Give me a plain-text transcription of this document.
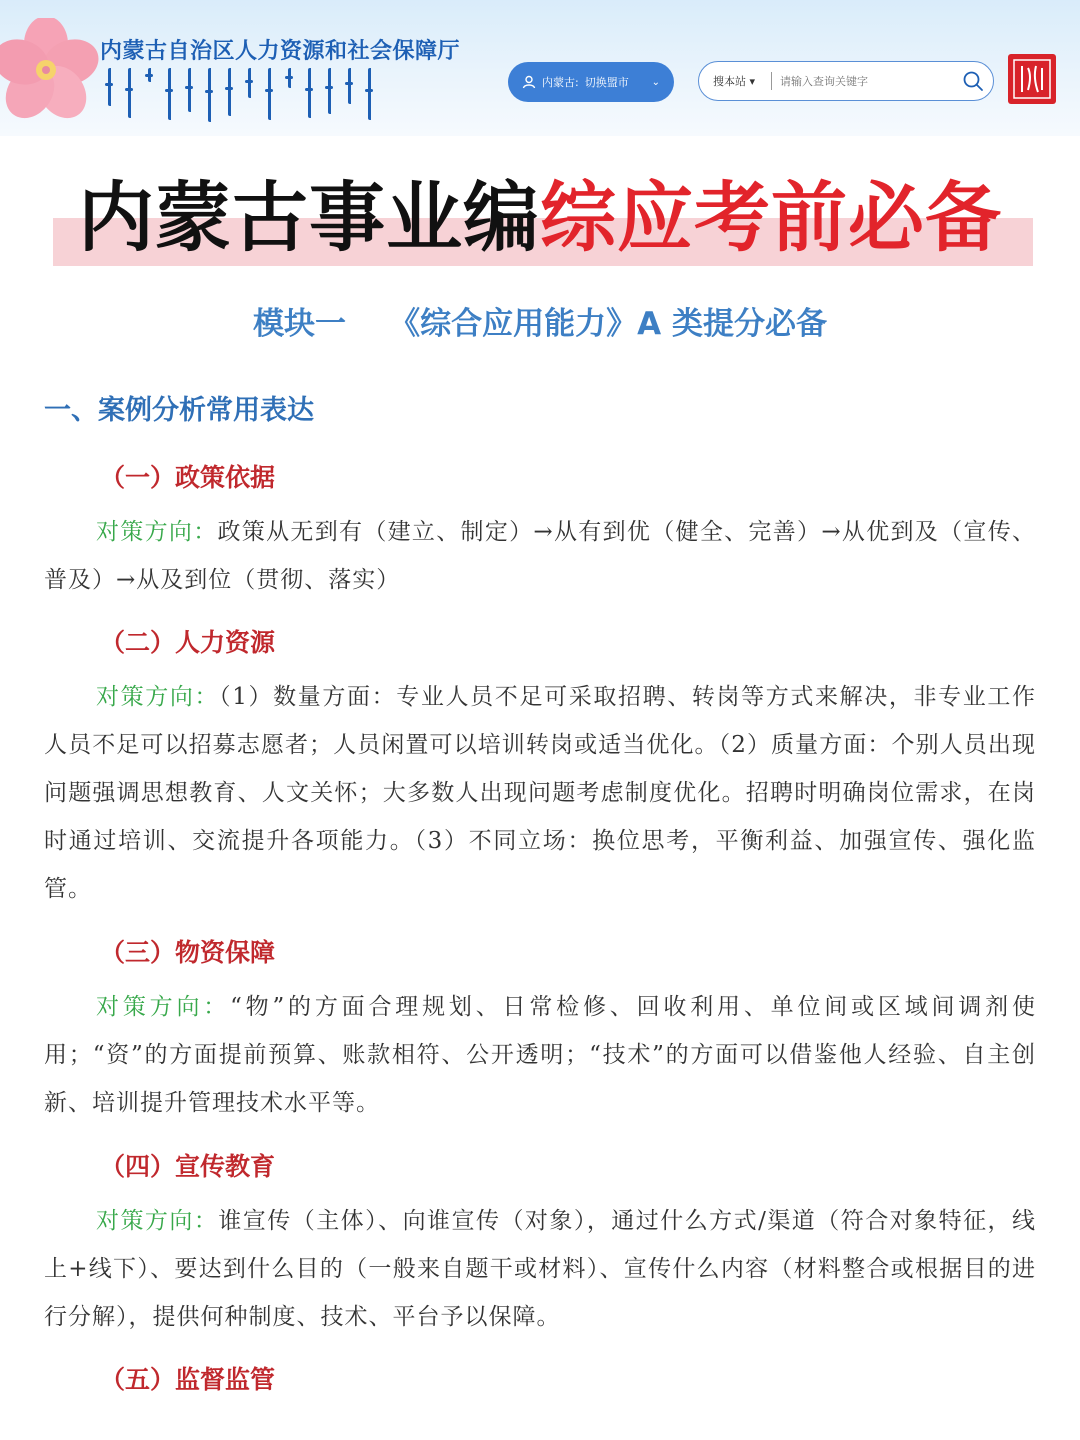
内蒙古自治区人力资源和社会保障厅
内蒙古: 切换盟市 ⌄	搜本站 ▾
请输入查询关键字
内蒙古事业编综应考前必备
模块一    《综合应用能力》A 类提分必备
一、案例分析常用表达
（一）政策依据
对策方向：政策从无到有（建立、制定）→从有到优（健全、完善）→从优到及（宣传、普及）→从及到位（贯彻、落实）
（二）人力资源
对策方向：（1）数量方面：专业人员不足可采取招聘、转岗等方式来解决，非专业工作人员不足可以招募志愿者；人员闲置可以培训转岗或适当优化。（2）质量方面：个别人员出现问题强调思想教育、人文关怀；大多数人出现问题考虑制度优化。招聘时明确岗位需求，在岗时通过培训、交流提升各项能力。（3）不同立场：换位思考，平衡利益、加强宣传、强化监管。
（三）物资保障
对策方向：“物”的方面合理规划、日常检修、回收利用、单位间或区域间调剂使用；“资”的方面提前预算、账款相符、公开透明；“技术”的方面可以借鉴他人经验、自主创新、培训提升管理技术水平等。
（四）宣传教育
对策方向：谁宣传（主体）、向谁宣传（对象），通过什么方式/渠道（符合对象特征，线上+线下）、要达到什么目的（一般来自题干或材料）、宣传什么内容（材料整合或根据目的进行分解），提供何种制度、技术、平台予以保障。
（五）监督监管
